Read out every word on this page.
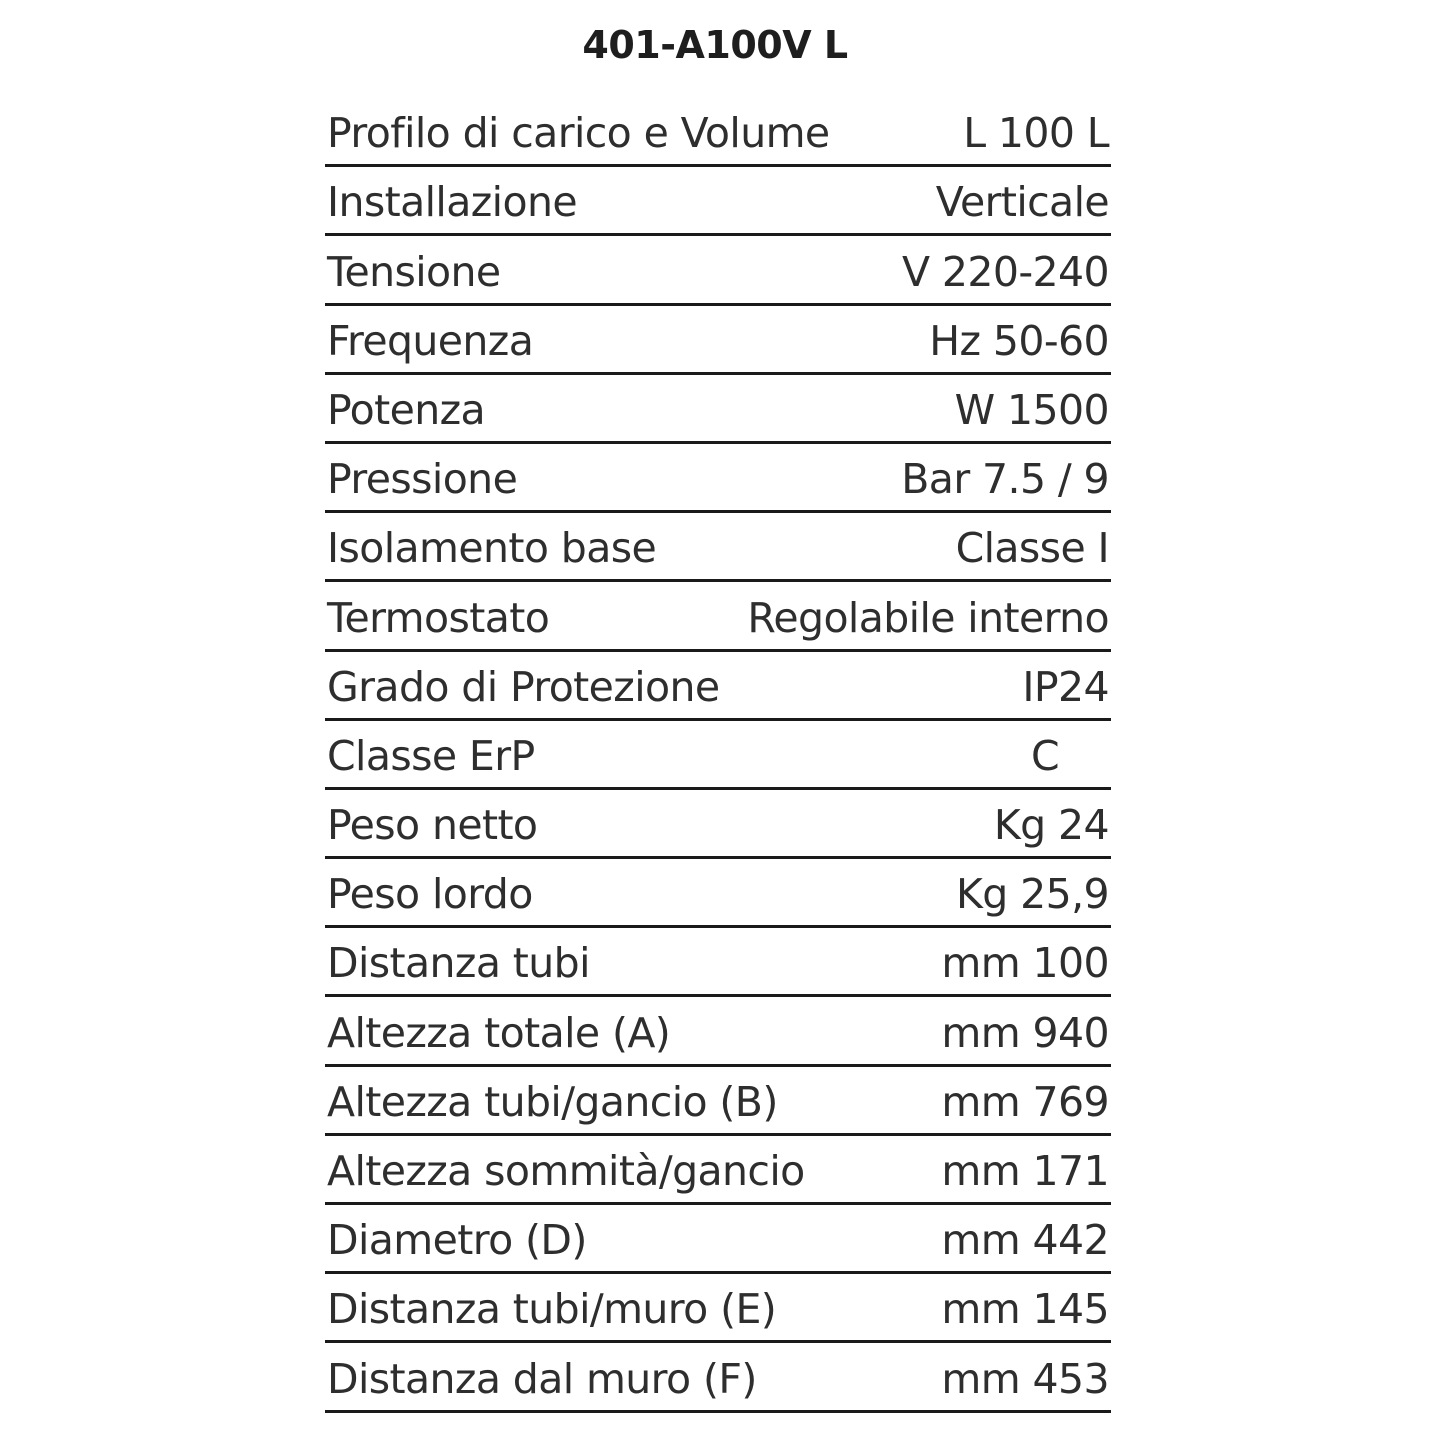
401-A100V L
Profilo di carico e Volume	L 100 L
Installazione	Verticale
Tensione	V 220-240
Frequenza	Hz 50-60
Potenza	W 1500
Pressione	Bar 7.5 / 9
Isolamento base	Classe I
Termostato	Regolabile interno
Grado di Protezione	IP24
Classe ErP	C
Peso netto	Kg 24
Peso lordo	Kg 25,9
Distanza tubi	mm 100
Altezza totale (A)	mm 940
Altezza tubi/gancio (B)	mm 769
Altezza sommità/gancio	mm 171
Diametro (D)	mm 442
Distanza tubi/muro (E)	mm 145
Distanza dal muro (F)	mm 453
